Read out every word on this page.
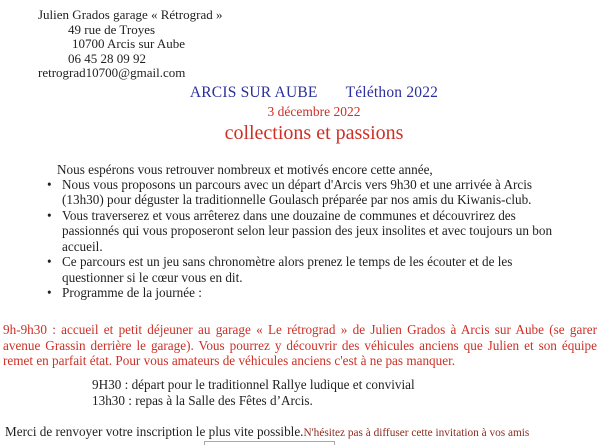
Julien Grados garage « Rétrograd »
49 rue de Troyes
10700 Arcis sur Aube
06 45 28 09 92
retrograd10700@gmail.com
ARCIS SUR AUBE Téléthon 2022
3 décembre 2022
collections et passions
Nous espérons vous retrouver nombreux et motivés encore cette année,
• Nous vous proposons un parcours avec un départ d'Arcis vers 9h30 et une arrivée à Arcis (13h30) pour déguster la traditionnelle Goulasch préparée par nos amis du Kiwanis-club.
• Vous traverserez et vous arrêterez dans une douzaine de communes et découvrirez des passionnés qui vous proposeront selon leur passion des jeux insolites et avec toujours un bon accueil.
• Ce parcours est un jeu sans chronomètre alors prenez le temps de les écouter et de les questionner si le cœur vous en dit.
• Programme de la journée :
9h-9h30 : accueil et petit déjeuner au garage « Le rétrograd » de Julien Grados à Arcis sur Aube (se garer avenue Grassin derrière le garage). Vous pourrez y découvrir des véhicules anciens que Julien et son équipe remet en parfait état. Pour vous amateurs de véhicules anciens c'est à ne pas manquer.
9H30 : départ pour le traditionnel Rallye ludique et convivial
13h30 : repas à la Salle des Fêtes d’Arcis.
Merci de renvoyer votre inscription le plus vite possible.N'hésitez pas à diffuser cette invitation à vos amis
